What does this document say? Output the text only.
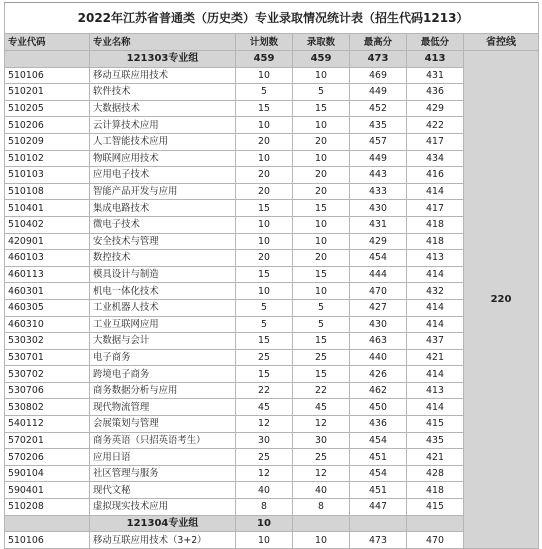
2022年江苏省普通类（历史类）专业录取情况统计表（招生代码1213）						
专业代码	专业名称	计划数	录取数	最高分	最低分	省控线
	121303专业组	459	459	473	413	220
510106	移动互联应用技术	10	10	469	431	
510201	软件技术	5	5	449	436	
510205	大数据技术	15	15	452	429	
510206	云计算技术应用	10	10	435	422	
510209	人工智能技术应用	20	20	457	417	
510102	物联网应用技术	10	10	449	434	
510103	应用电子技术	20	20	443	416	
510108	智能产品开发与应用	20	20	433	414	
510401	集成电路技术	15	15	430	417	
510402	微电子技术	10	10	431	418	
420901	安全技术与管理	10	10	429	418	
460103	数控技术	20	20	454	413	
460113	模具设计与制造	15	15	444	414	
460301	机电一体化技术	10	10	470	432	
460305	工业机器人技术	5	5	427	414	
460310	工业互联网应用	5	5	430	414	
530302	大数据与会计	15	15	463	437	
530701	电子商务	25	25	440	421	
530702	跨境电子商务	15	15	426	414	
530706	商务数据分析与应用	22	22	462	413	
530802	现代物流管理	45	45	450	414	
540112	会展策划与管理	12	12	436	415	
570201	商务英语（只招英语考生）	30	30	454	435	
570206	应用日语	25	25	451	421	
590104	社区管理与服务	12	12	454	428	
590401	现代文秘	40	40	451	418	
510208	虚拟现实技术应用	8	8	447	415	
	121304专业组	10				
510106	移动互联应用技术（3+2）	10	10	473	470	
